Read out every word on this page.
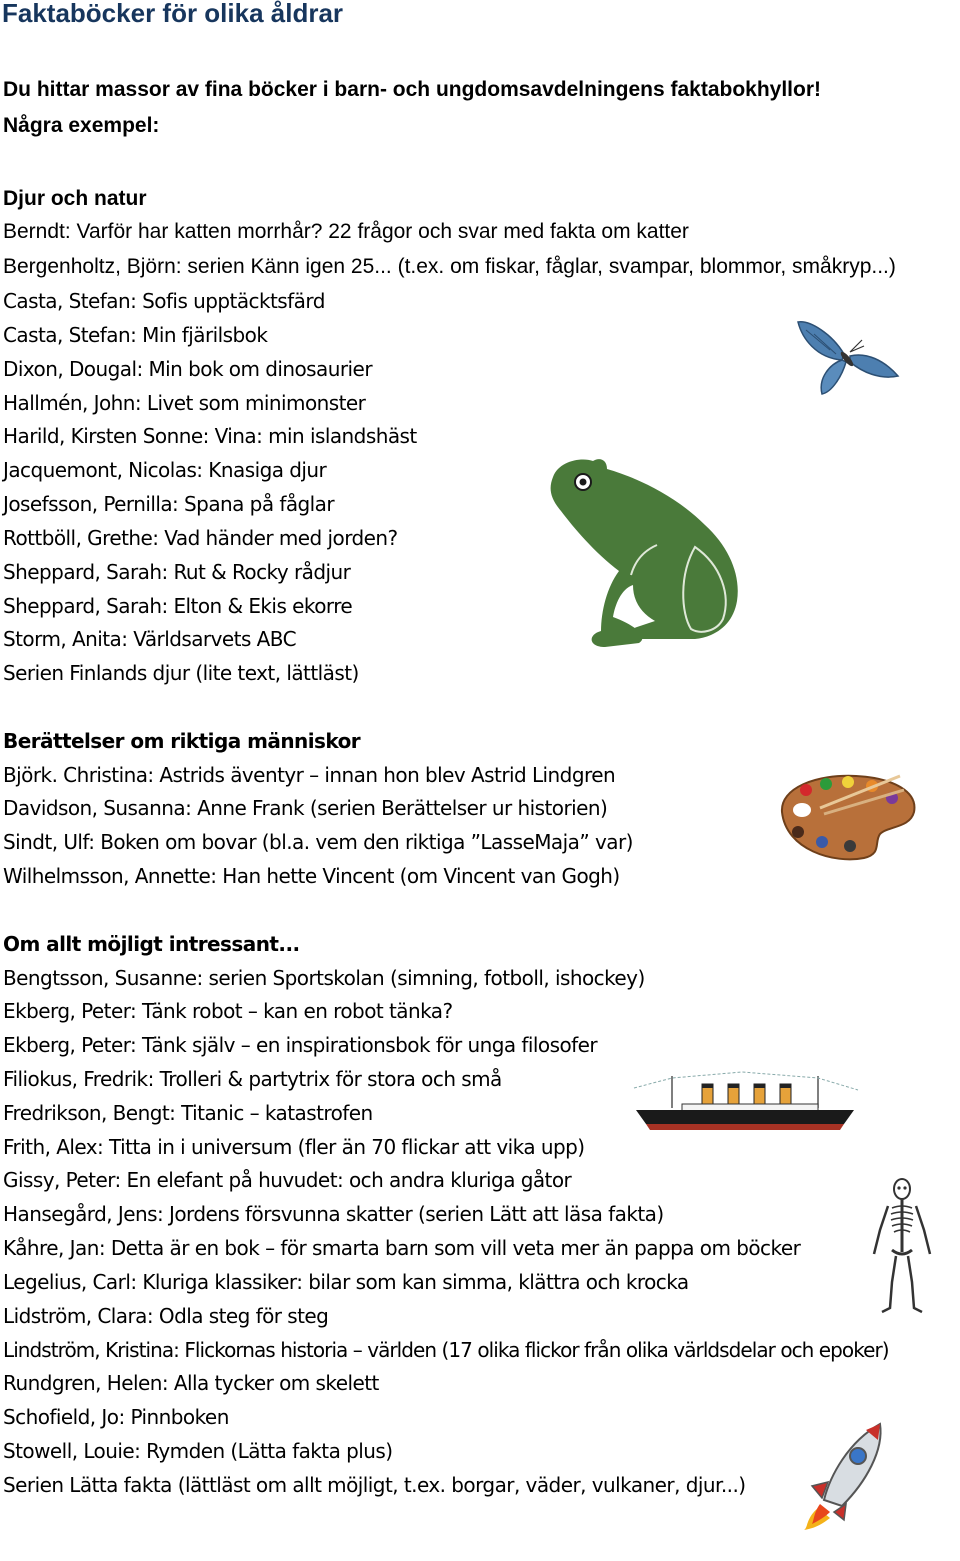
Faktaböcker för olika åldrar
Du hittar massor av fina böcker i barn- och ungdomsavdelningens faktabokhyllor!
Några exempel:
Djur och natur
Berndt: Varför har katten morrhår? 22 frågor och svar med fakta om katter
Bergenholtz, Björn: serien Känn igen 25... (t.ex. om fiskar, fåglar, svampar, blommor, småkryp...)
Casta, Stefan: Sofis upptäcktsfärd
Casta, Stefan: Min fjärilsbok
Dixon, Dougal: Min bok om dinosaurier
Hallmén, John: Livet som minimonster
Harild, Kirsten Sonne: Vina: min islandshäst
Jacquemont, Nicolas: Knasiga djur
Josefsson, Pernilla: Spana på fåglar
Rottböll, Grethe: Vad händer med jorden?
Sheppard, Sarah: Rut & Rocky rådjur
Sheppard, Sarah: Elton & Ekis ekorre
Storm, Anita: Världsarvets ABC
Serien Finlands djur (lite text, lättläst)
Berättelser om riktiga människor
Björk. Christina: Astrids äventyr – innan hon blev Astrid Lindgren
Davidson, Susanna: Anne Frank (serien Berättelser ur historien)
Sindt, Ulf: Boken om bovar (bl.a. vem den riktiga ”LasseMaja” var)
Wilhelmsson, Annette: Han hette Vincent (om Vincent van Gogh)
Om allt möjligt intressant...
Bengtsson, Susanne: serien Sportskolan (simning, fotboll, ishockey)
Ekberg, Peter: Tänk robot – kan en robot tänka?
Ekberg, Peter: Tänk själv – en inspirationsbok för unga filosofer
Filiokus, Fredrik: Trolleri & partytrix för stora och små
Fredrikson, Bengt: Titanic – katastrofen
Frith, Alex: Titta in i universum (fler än 70 flickar att vika upp)
Gissy, Peter: En elefant på huvudet: och andra kluriga gåtor
Hansegård, Jens: Jordens försvunna skatter (serien Lätt att läsa fakta)
Kåhre, Jan: Detta är en bok – för smarta barn som vill veta mer än pappa om böcker
Legelius, Carl: Kluriga klassiker: bilar som kan simma, klättra och krocka
Lidström, Clara: Odla steg för steg
Lindström, Kristina: Flickornas historia – världen (17 olika flickor från olika världsdelar och epoker)
Rundgren, Helen: Alla tycker om skelett
Schofield, Jo: Pinnboken
Stowell, Louie: Rymden (Lätta fakta plus)
Serien Lätta fakta (lättläst om allt möjligt, t.ex. borgar, väder, vulkaner, djur...)
